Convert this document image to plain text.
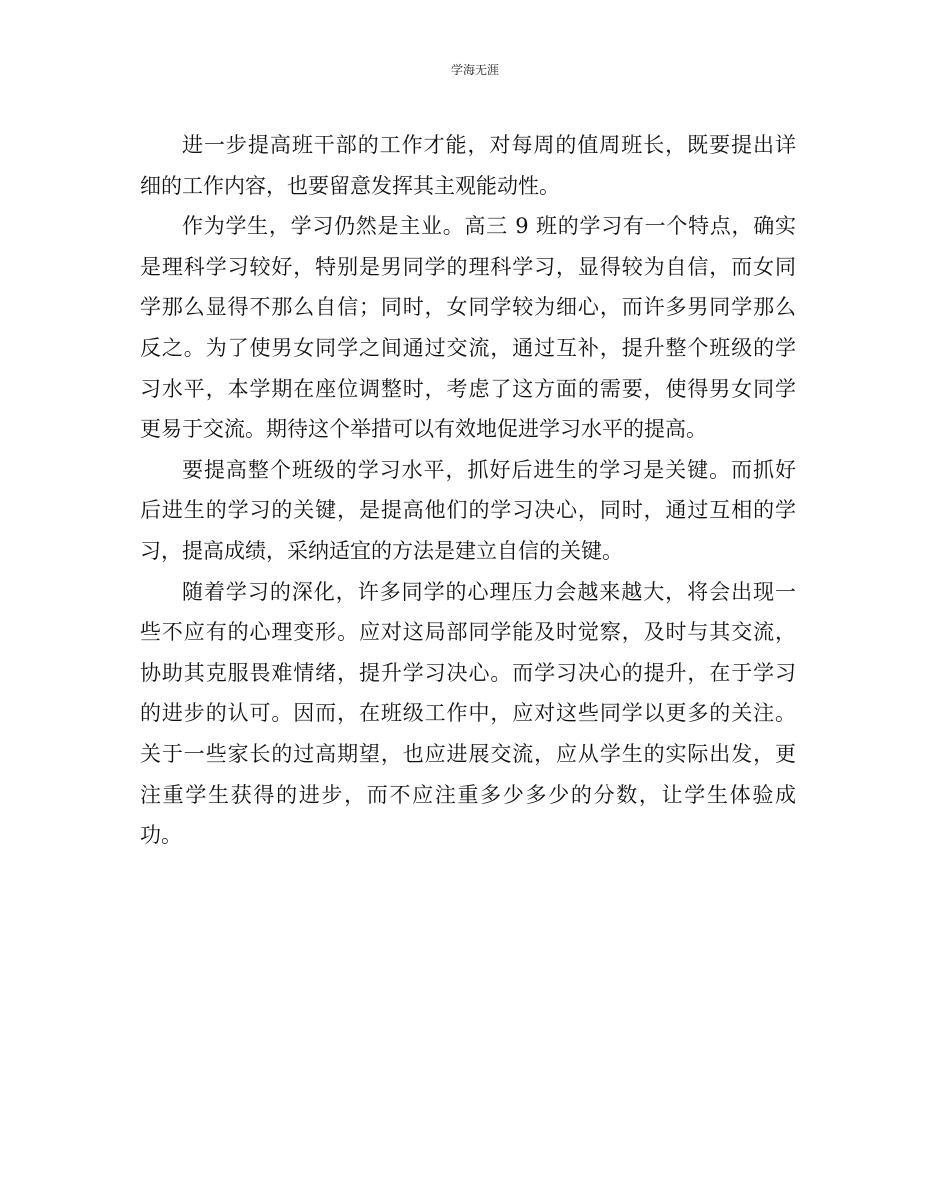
学海无涯

进一步提高班干部的工作才能，对每周的值周班长，既要提出详
细的工作内容，也要留意发挥其主观能动性。

作为学生，学习仍然是主业。高三 9 班的学习有一个特点，确实
是理科学习较好，特别是男同学的理科学习，显得较为自信，而女同
学那么显得不那么自信；同时，女同学较为细心，而许多男同学那么
反之。为了使男女同学之间通过交流，通过互补，提升整个班级的学
习水平，本学期在座位调整时，考虑了这方面的需要，使得男女同学
更易于交流。期待这个举措可以有效地促进学习水平的提高。

要提高整个班级的学习水平，抓好后进生的学习是关键。而抓好
后进生的学习的关键，是提高他们的学习决心，同时，通过互相的学
习，提高成绩，采纳适宜的方法是建立自信的关键。

随着学习的深化，许多同学的心理压力会越来越大，将会出现一
些不应有的心理变形。应对这局部同学能及时觉察，及时与其交流，
协助其克服畏难情绪，提升学习决心。而学习决心的提升，在于学习
的进步的认可。因而，在班级工作中，应对这些同学以更多的关注。
关于一些家长的过高期望，也应进展交流，应从学生的实际出发，更
注重学生获得的进步，而不应注重多少多少的分数，让学生体验成
功。
